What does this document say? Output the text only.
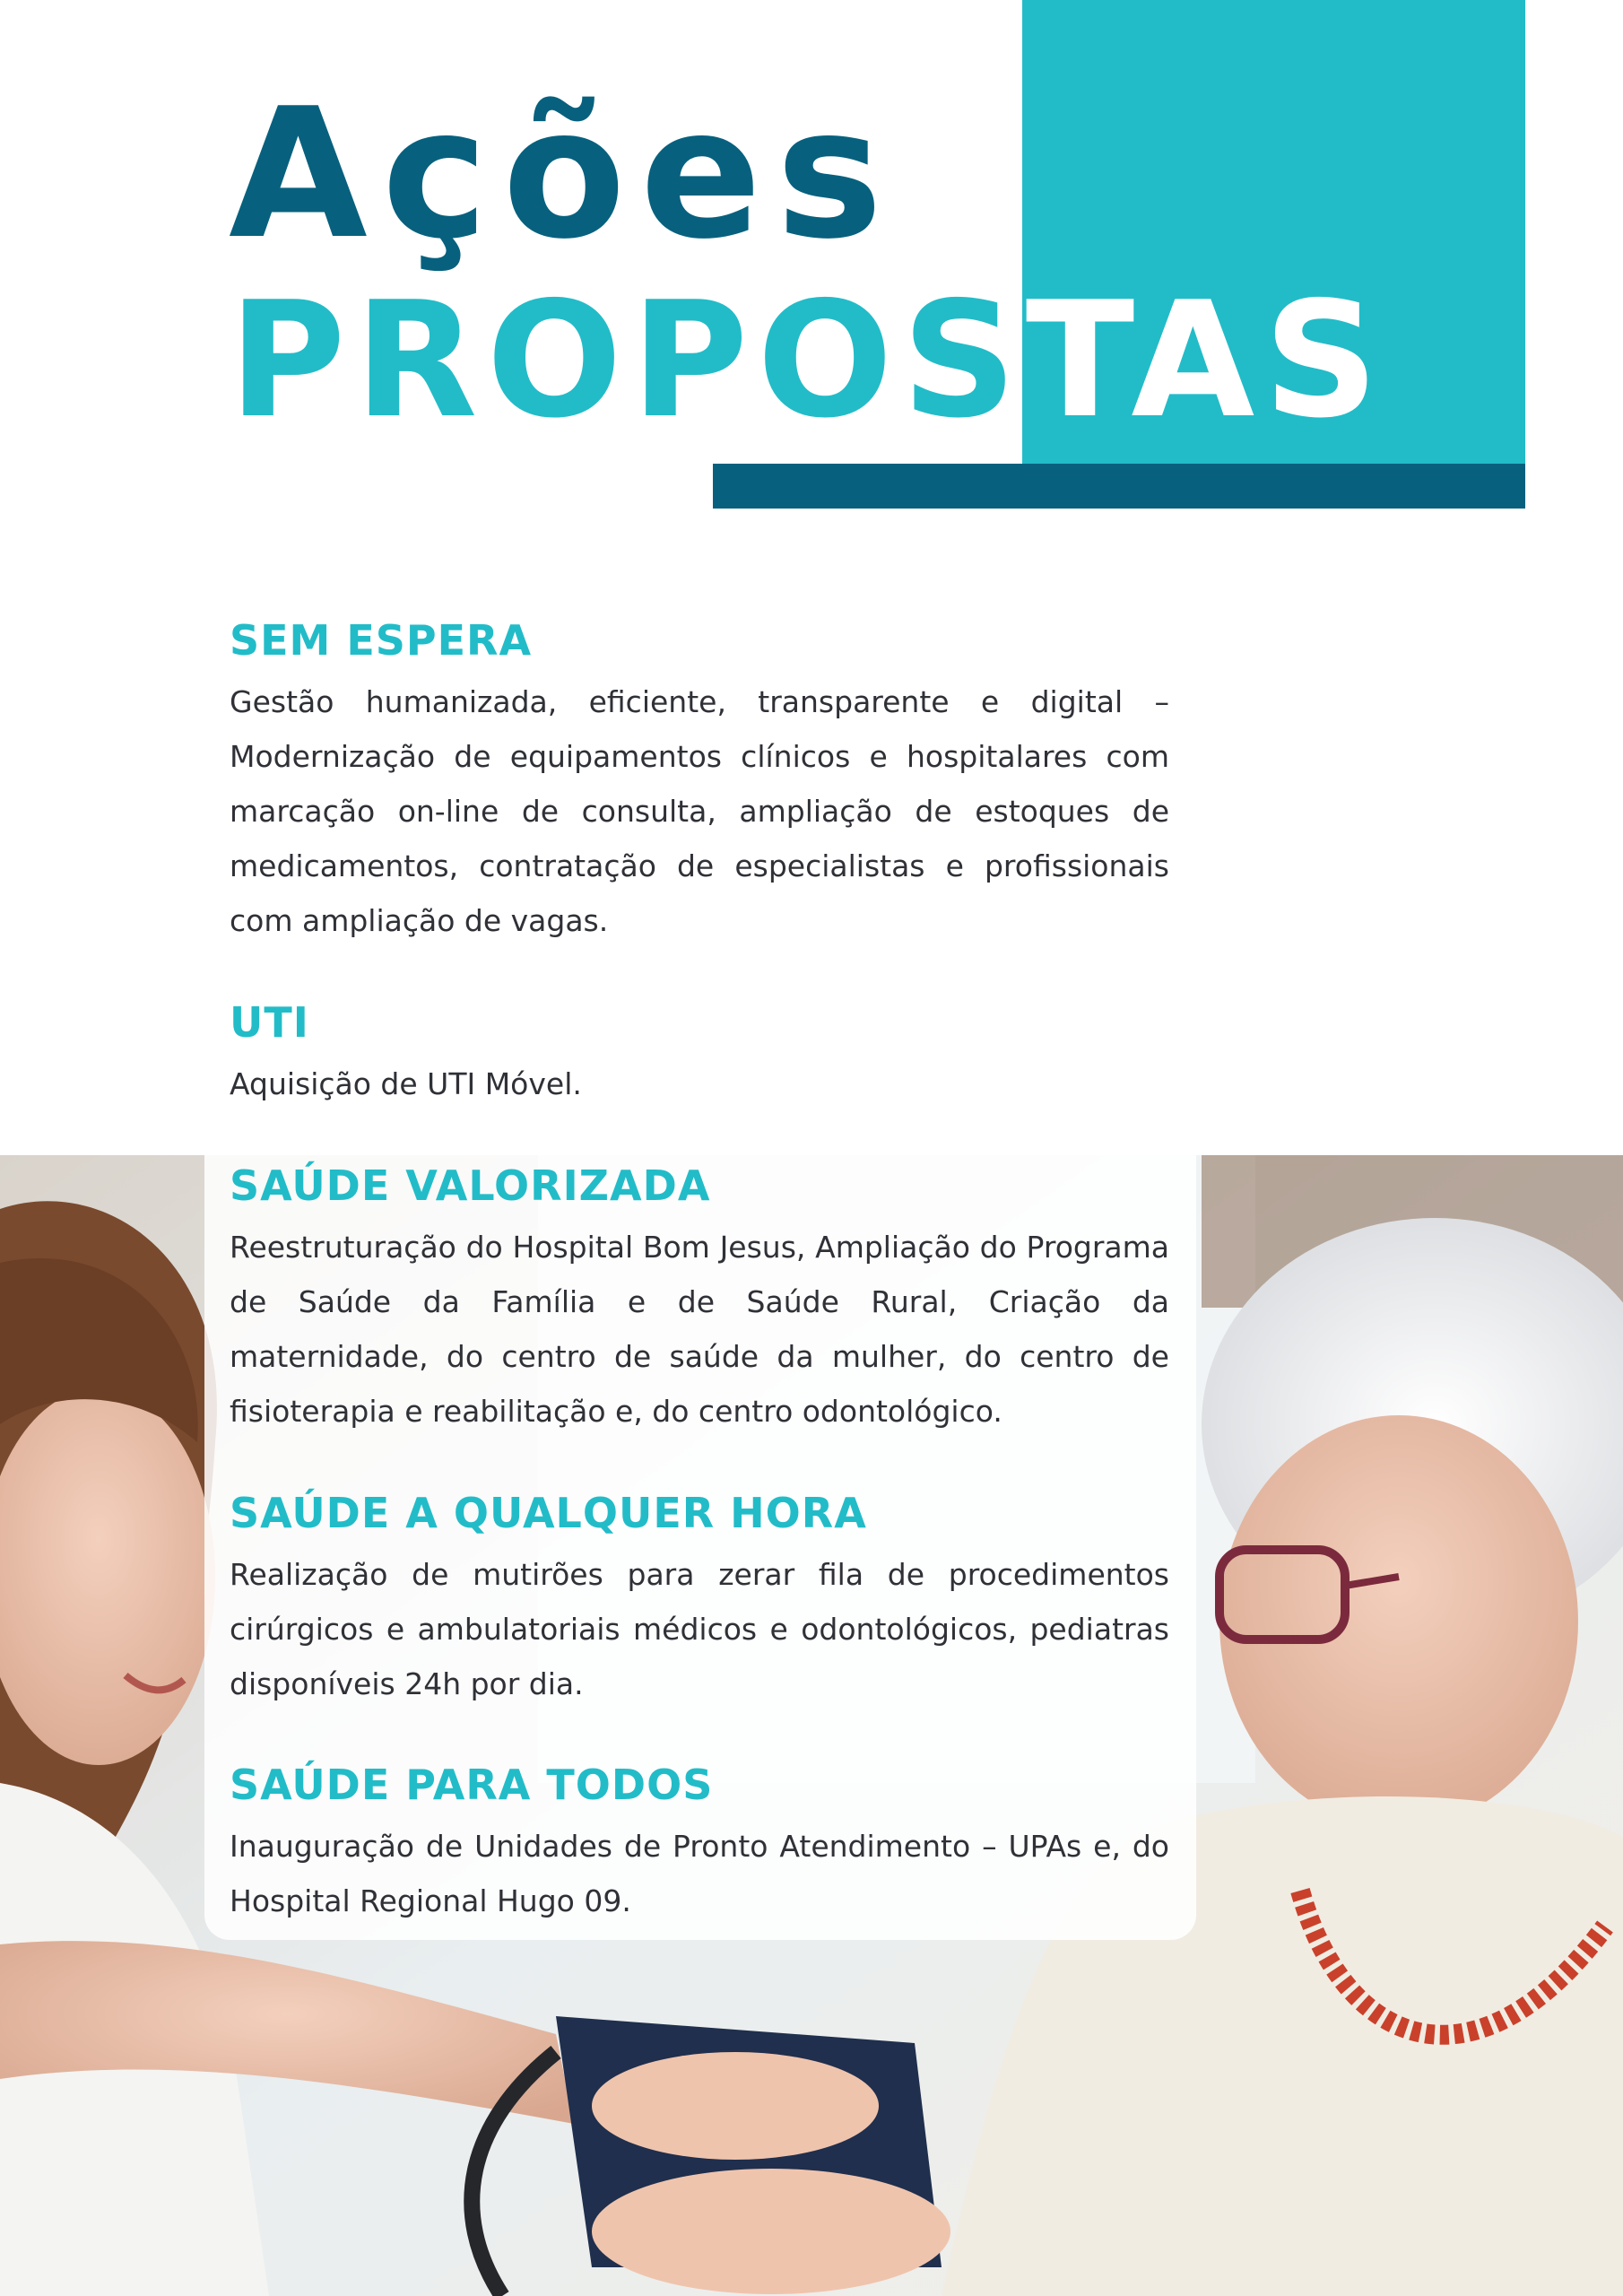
Ações
PROPOSTAS
SEM ESPERA

Gestão humanizada, eficiente, transparente e digital – Modernização de equipamentos clínicos e hospitalares com marcação on-line de consulta, ampliação de estoques de medicamentos, contratação de especialistas e profissionais com ampliação de vagas.

UTI

Aquisição de UTI Móvel.

SAÚDE VALORIZADA

Reestruturação do Hospital Bom Jesus, Ampliação do Programa de Saúde da Família e de Saúde Rural, Criação da maternidade, do centro de saúde da mulher, do centro de fisioterapia e reabilitação e, do centro odontológico.

SAÚDE A QUALQUER HORA

Realização de mutirões para zerar fila de procedimentos cirúrgicos e ambulatoriais médicos e odontológicos, pediatras disponíveis 24h por dia.

SAÚDE PARA TODOS

Inauguração de Unidades de Pronto Atendimento – UPAs e, do Hospital Regional Hugo 09.
